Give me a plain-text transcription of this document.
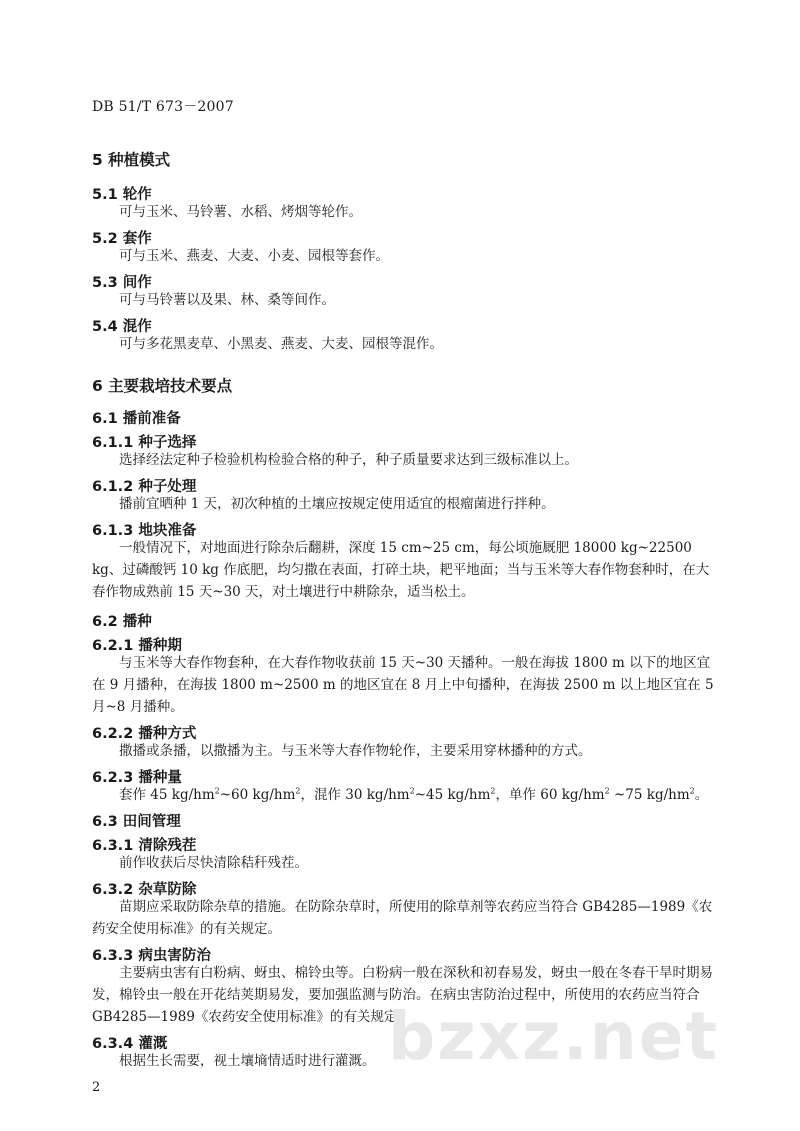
DB 51/T 673－2007
5 种植模式
5.1 轮作
可与玉米、马铃薯、水稻、烤烟等轮作。
5.2 套作
可与玉米、燕麦、大麦、小麦、园根等套作。
5.3 间作
可与马铃薯以及果、林、桑等间作。
5.4 混作
可与多花黑麦草、小黑麦、燕麦、大麦、园根等混作。
6 主要栽培技术要点
6.1 播前准备
6.1.1 种子选择
选择经法定种子检验机构检验合格的种子，种子质量要求达到三级标准以上。
6.1.2 种子处理
播前宜晒种 1 天，初次种植的土壤应按规定使用适宜的根瘤菌进行拌种。
6.1.3 地块准备
一般情况下，对地面进行除杂后翻耕，深度 15 cm~25 cm，每公顷施厩肥 18000 kg~22500 kg、过磷酸钙 10 kg 作底肥，均匀撒在表面，打碎土块，耙平地面；当与玉米等大春作物套种时，在大春作物成熟前 15 天~30 天，对土壤进行中耕除杂，适当松土。
6.2 播种
6.2.1 播种期
与玉米等大春作物套种，在大春作物收获前 15 天~30 天播种。一般在海拔 1800 m 以下的地区宜在 9 月播种，在海拔 1800 m~2500 m 的地区宜在 8 月上中旬播种，在海拔 2500 m 以上地区宜在 5 月~8 月播种。
6.2.2 播种方式
撒播或条播，以撒播为主。与玉米等大春作物轮作，主要采用穿林播种的方式。
6.2.3 播种量
套作 45 $kg/hm^2\sim 60$ $kg/hm^2$，混作 30 $kg/hm^2\sim 45$ $kg/hm^2$，单作 60 $kg/hm^2$ ~75 $kg/hm^2$。
6.3 田间管理
6.3.1 清除残茬
前作收获后尽快清除秸秆残茬。
6.3.2 杂草防除
苗期应采取防除杂草的措施。在防除杂草时，所使用的除草剂等农药应当符合 GB4285—1989《农药安全使用标准》的有关规定。
6.3.3 病虫害防治
主要病虫害有白粉病、蚜虫、棉铃虫等。白粉病一般在深秋和初春易发，蚜虫一般在冬春干旱时期易发，棉铃虫一般在开花结荚期易发，要加强监测与防治。在病虫害防治过程中，所使用的农药应当符合 GB4285—1989《农药安全使用标准》的有关规定。
6.3.4 灌溉
根据生长需要，视土壤墒情适时进行灌溉。 bzxz.net
2
